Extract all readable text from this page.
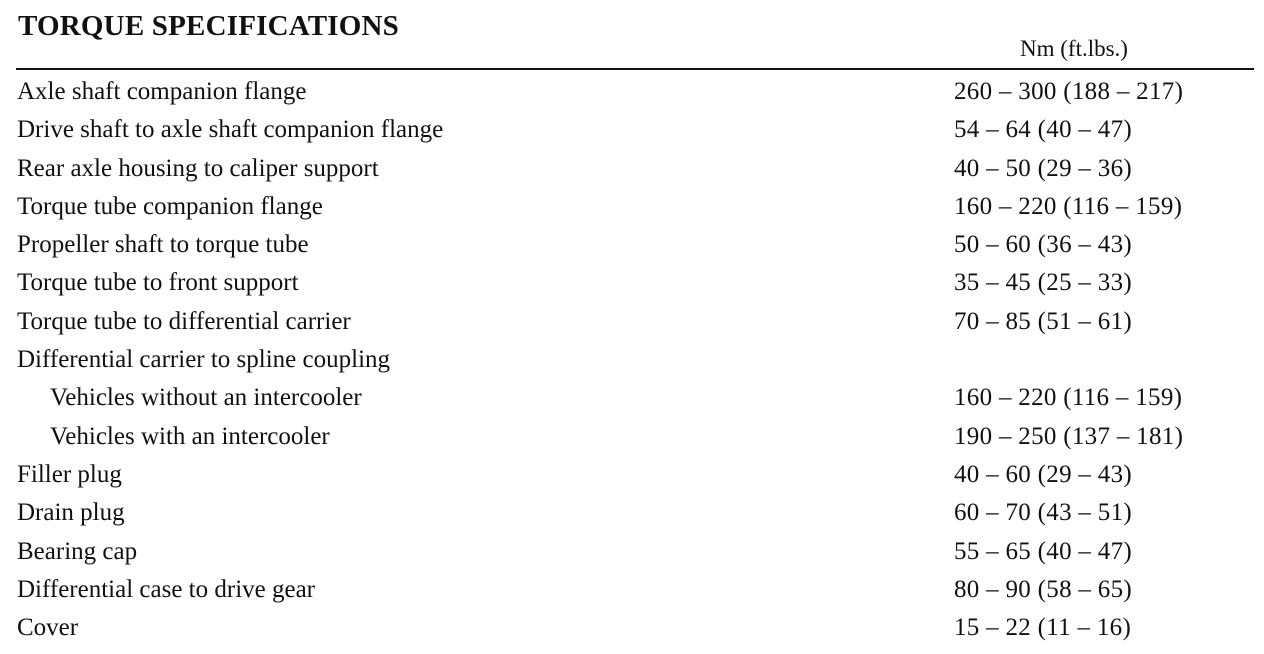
TORQUE SPECIFICATIONS
Nm (ft.lbs.)
Axle shaft companion flange	260 – 300 (188 – 217)
Drive shaft to axle shaft companion flange	54 – 64 (40 – 47)
Rear axle housing to caliper support	40 – 50 (29 – 36)
Torque tube companion flange	160 – 220 (116 – 159)
Propeller shaft to torque tube	50 – 60 (36 – 43)
Torque tube to front support	35 – 45 (25 – 33)
Torque tube to differential carrier	70 – 85 (51 – 61)
Differential carrier to spline coupling
Vehicles without an intercooler	160 – 220 (116 – 159)
Vehicles with an intercooler	190 – 250 (137 – 181)
Filler plug	40 – 60 (29 – 43)
Drain plug	60 – 70 (43 – 51)
Bearing cap	55 – 65 (40 – 47)
Differential case to drive gear	80 – 90 (58 – 65)
Cover	15 – 22 (11 – 16)
